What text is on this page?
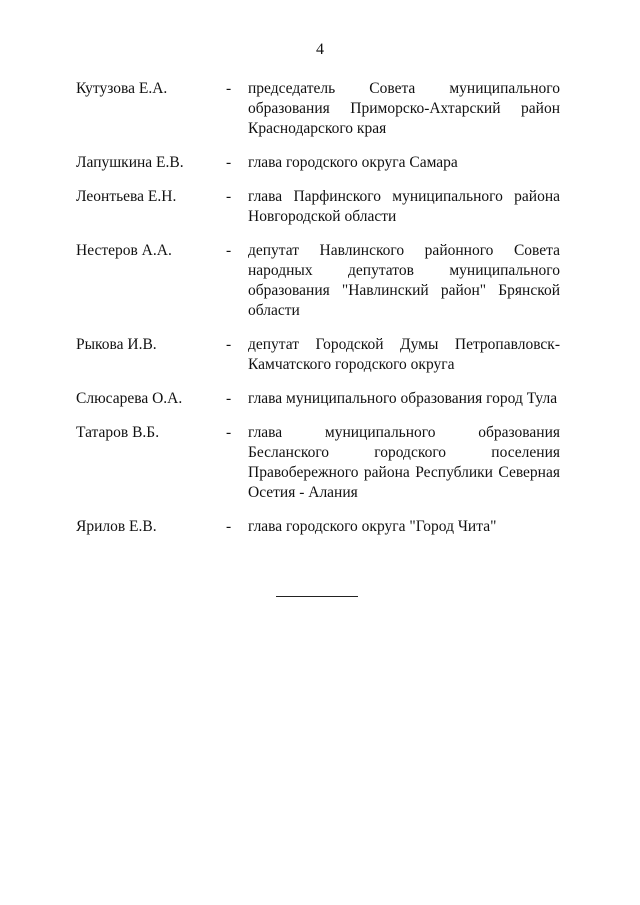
4
Кутузова Е.А.	-	председатель Совета муниципального образования Приморско-Ахтарский район Краснодарского края
Лапушкина Е.В.	-	глава городского округа Самара
Леонтьева Е.Н.	-	глава Парфинского муниципального района Новгородской области
Нестеров А.А.	-	депутат Навлинского районного Совета народных депутатов муниципального образования "Навлинский район" Брянской области
Рыкова И.В.	-	депутат Городской Думы Петропавловск-Камчатского городского округа
Слюсарева О.А.	-	глава муниципального образования город Тула
Татаров В.Б.	-	глава муниципального образования Бесланского городского поселения Правобережного района Республики Северная Осетия - Алания
Ярилов Е.В.	-	глава городского округа "Город Чита"
